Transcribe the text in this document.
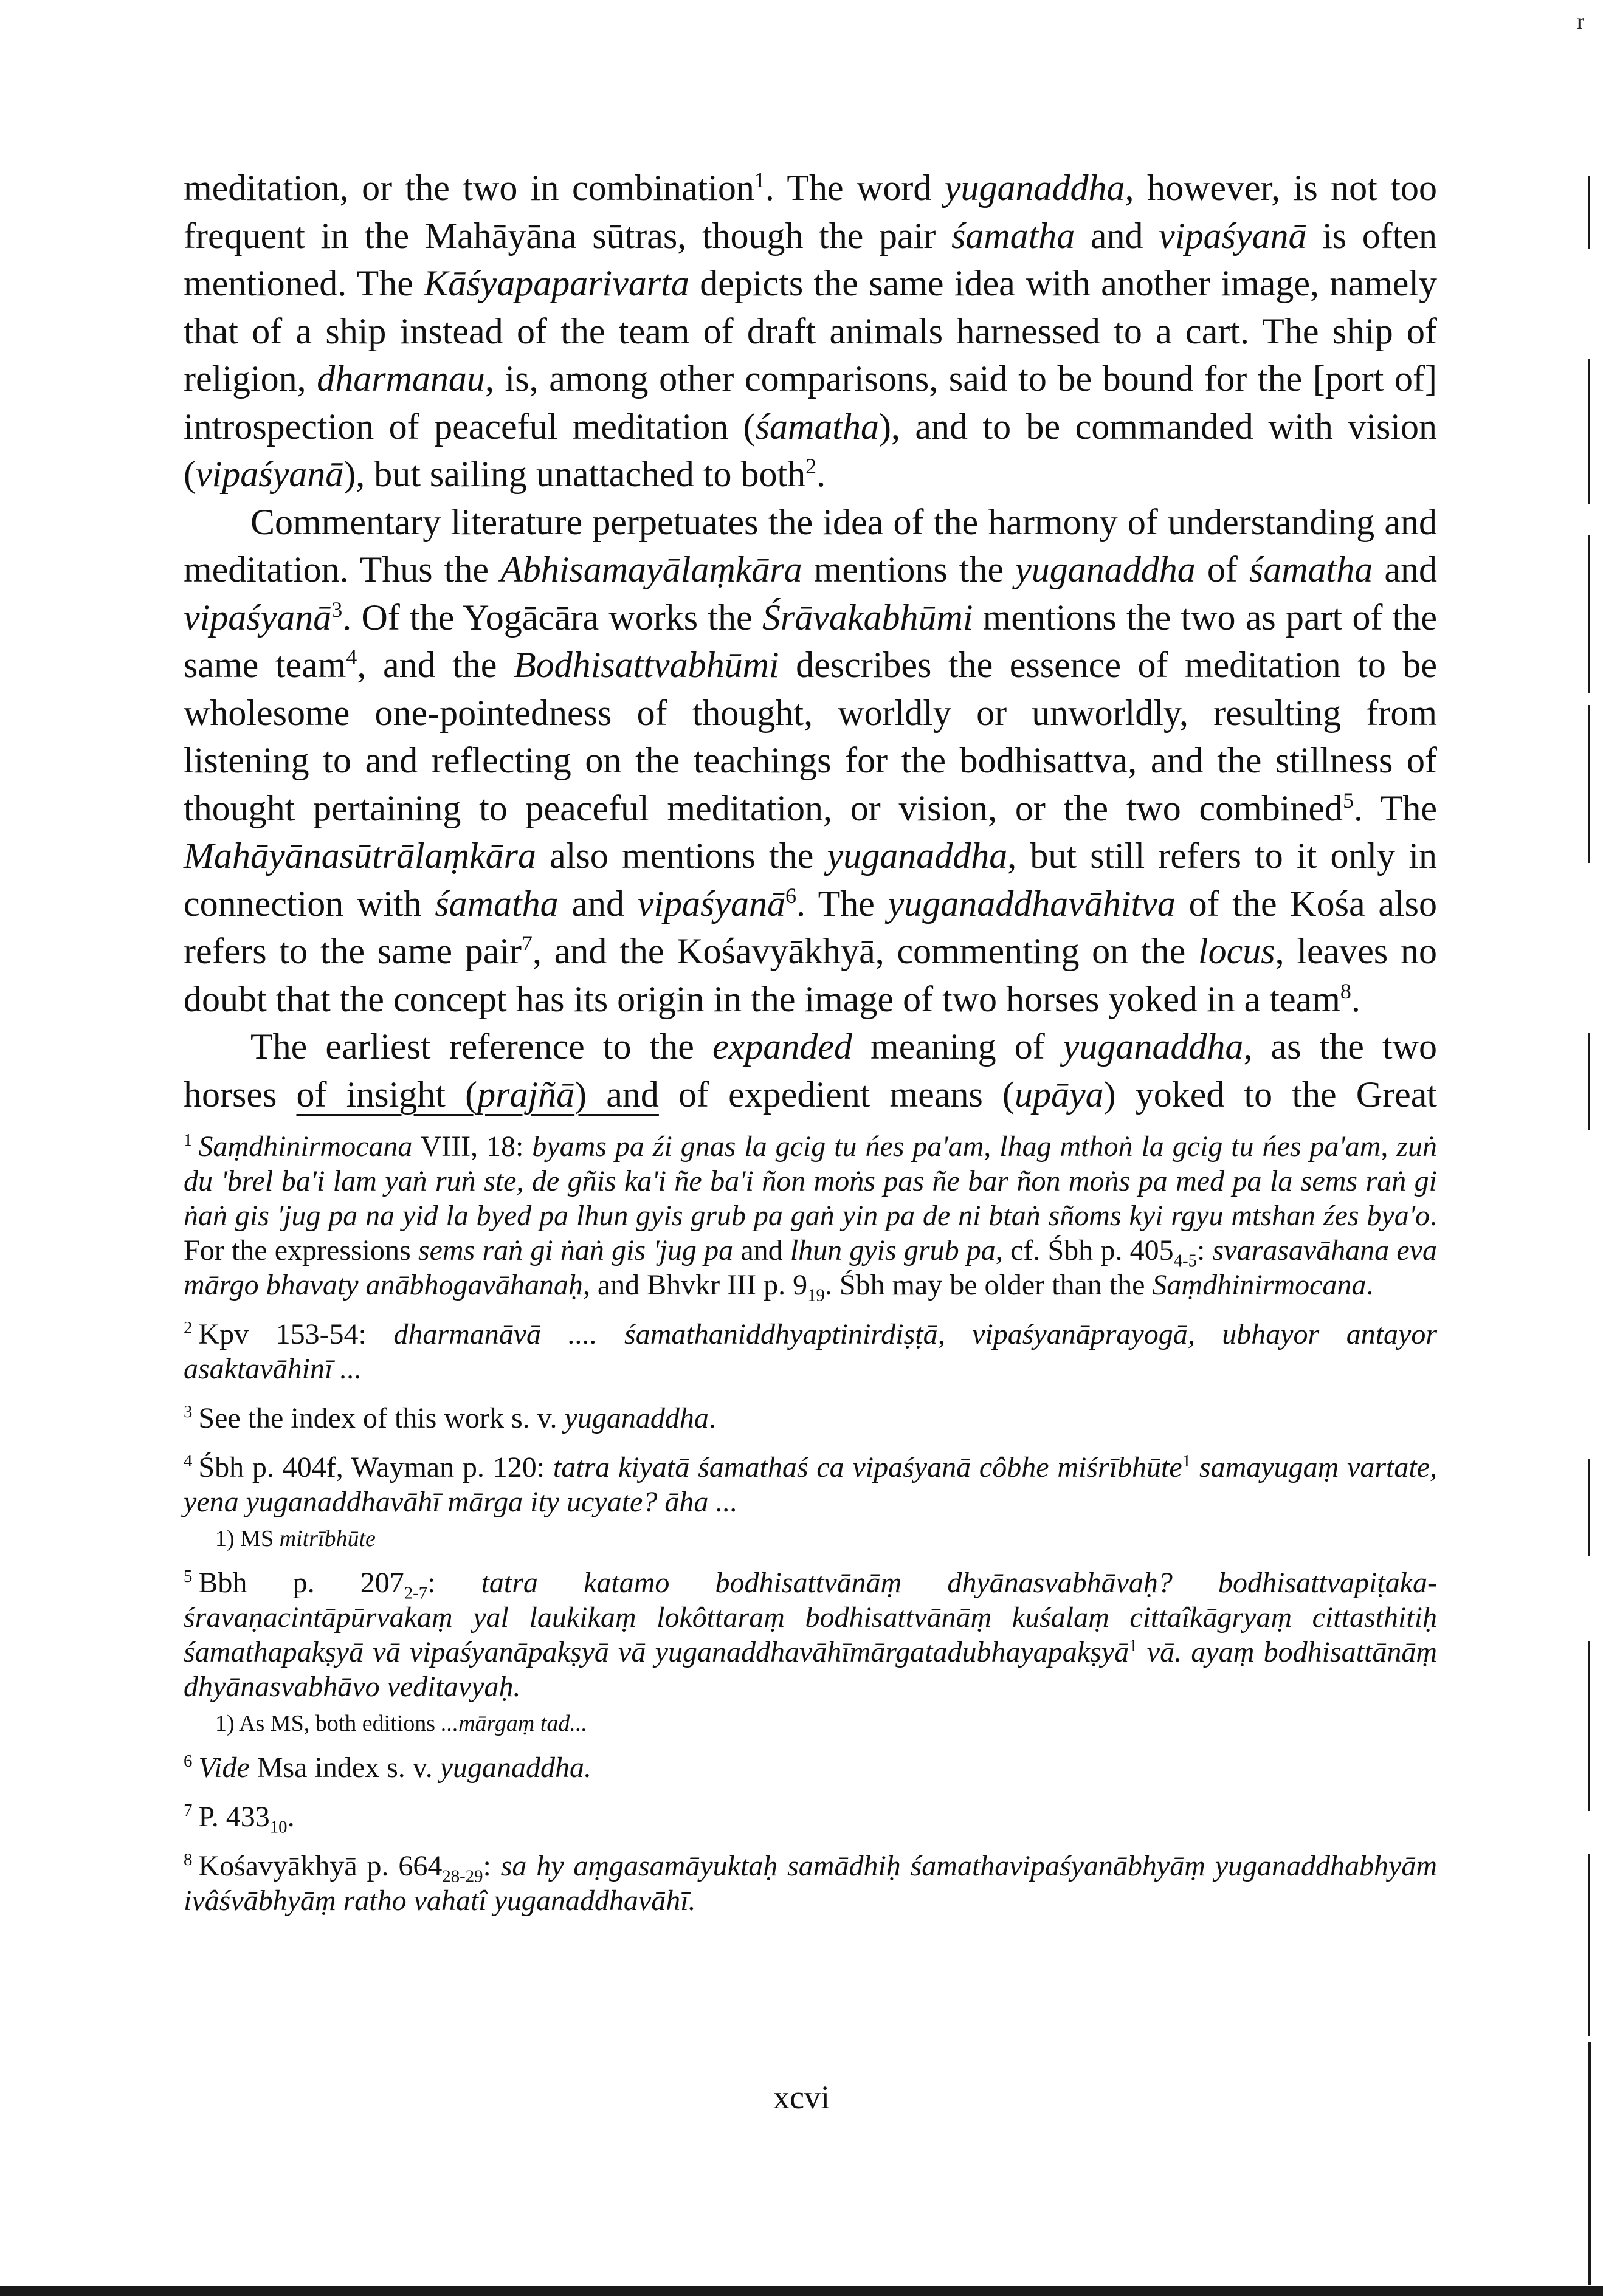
r

meditation, or the two in combination$^1$. The word yuganaddha, however, is not too frequent in the Mahāyāna sūtras, though the pair śamatha and vipaśyanā is often mentioned. The Kāśyapaparivarta depicts the same idea with another image, namely that of a ship instead of the team of draft animals harnessed to a cart. The ship of religion, dharmanau, is, among other comparisons, said to be bound for the [port of] introspection of peaceful meditation (śamatha), and to be commanded with vision (vipaśyanā), but sailing unattached to both$^2$.

Commentary literature perpetuates the idea of the harmony of understanding and meditation. Thus the Abhisamayālaṃkāra mentions the yuganaddha of śamatha and vipaśyanā$^3$. Of the Yogācāra works the Śrāvakabhūmi mentions the two as part of the same team$^4$, and the Bodhisattvabhūmi describes the essence of meditation to be wholesome one-pointedness of thought, worldly or unworldly, resulting from listening to and reflecting on the teachings for the bodhisattva, and the stillness of thought pertaining to peaceful meditation, or vision, or the two combined$^5$. The Mahāyānasūtrālaṃkāra also mentions the yuganaddha, but still refers to it only in connection with śamatha and vipaśyanā$^6$. The yuganaddhavāhitva of the Kośa also refers to the same pair$^7$, and the Kośavyākhyā, commenting on the locus, leaves no doubt that the concept has its origin in the image of two horses yoked in a team$^8$.

The earliest reference to the expanded meaning of yuganaddha, as the two horses of insight (prajñā) and of expedient means (upāya) yoked to the Great

$^1$ Saṃdhinirmocana VIII, 18: byams pa źi gnas la gcig tu ńes pa'am, lhag mthoṅ la gcig tu ńes pa'am, zuṅ du 'brel ba'i lam yaṅ ruṅ ste, de gñis ka'i ñe ba'i ñon moṅs pas ñe bar ñon moṅs pa med pa la sems raṅ gi ṅaṅ gis 'jug pa na yid la byed pa lhun gyis grub pa gaṅ yin pa de ni btaṅ sñoms kyi rgyu mtshan źes bya'o. For the expressions sems raṅ gi ṅaṅ gis 'jug pa and lhun gyis grub pa, cf. Śbh p. $405_{4-5}$: svarasavāhana eva mārgo bhavaty anābhogavāhanaḥ, and Bhvkr III p. $9_{19}$. Śbh may be older than the Saṃdhinirmocana.

$^2$ Kpv 153-54: dharmanāvā .... śamathaniddhyaptinirdiṣṭā, vipaśyanāprayogā, ubhayor antayor asaktavāhinī ...

$^3$ See the index of this work s. v. yuganaddha.

$^4$ Śbh p. 404f, Wayman p. 120: tatra kiyatā śamathaś ca vipaśyanā côbhe miśrībhūte$^1$ samayugaṃ vartate, yena yuganaddhavāhī mārga ity ucyate? āha ...

1) MS mitrībhūte

$^5$ Bbh p. $207_{2-7}$: tatra katamo bodhisattvānāṃ dhyānasvabhāvaḥ? bodhisattvapiṭaka-śravaṇacintāpūrvakaṃ yal laukikaṃ lokôttaraṃ bodhisattvānāṃ kuśalaṃ cittaîkāgryaṃ cittasthitiḥ śamathapakṣyā vā vipaśyanāpakṣyā vā yuganaddhavāhīmārgatadubhayapakṣyā$^1$ vā. ayaṃ bodhisattānāṃ dhyānasvabhāvo veditavyaḥ.

1) As MS, both editions ...mārgaṃ tad...

$^6$ Vide Msa index s. v. yuganaddha.

$^7$ P. $433_{10}$.

$^8$ Kośavyākhyā p. $664_{28-29}$: sa hy aṃgasamāyuktaḥ samādhiḥ śamathavipaśyanābhyāṃ yuganaddhabhyām ivâśvābhyāṃ ratho vahatî yuganaddhavāhī.

xcvi
